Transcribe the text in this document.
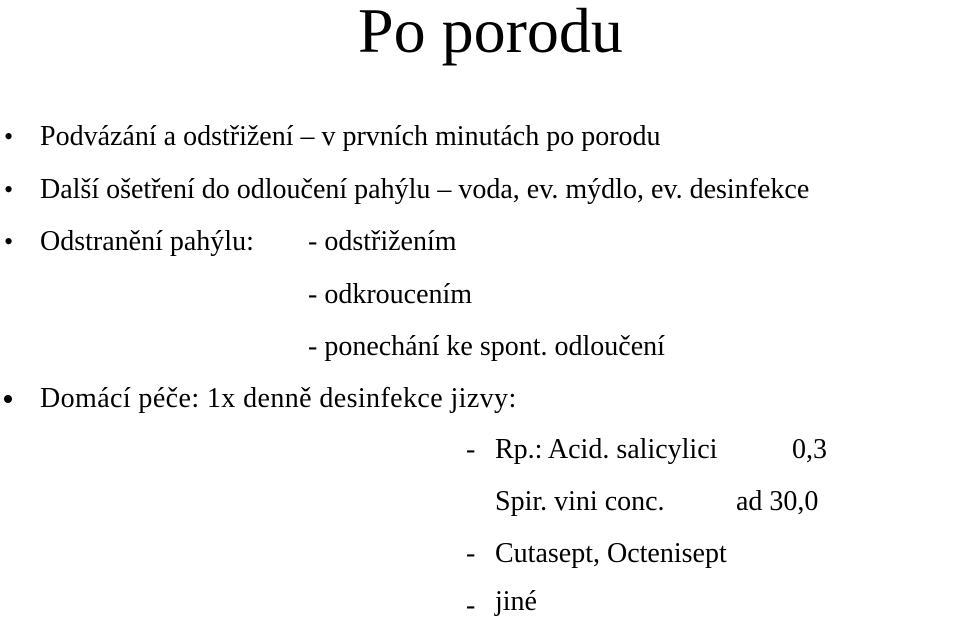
Po porodu
• Podvázání a odstřižení – v prvních minutách po porodu
• Další ošetření do odloučení pahýlu – voda, ev. mýdlo, ev. desinfekce
• Odstranění pahýlu: - odstřižením
- odkroucením
- ponechání ke spont. odloučení
Domácí péče: 1x denně desinfekce jizvy:
- Rp.: Acid. salicylici	0,3
Spir. vini conc.	ad 30,0
- Cutasept, Octenisept
- jiné
